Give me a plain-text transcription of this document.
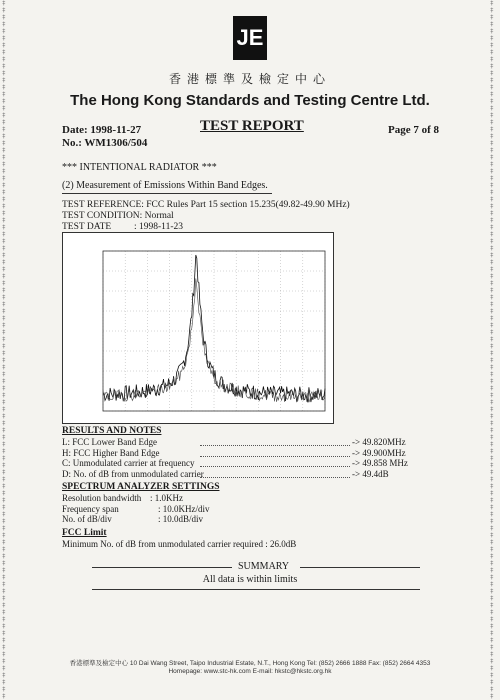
‡
‡
‡
‡
‡
‡
‡
‡
‡
‡
‡
‡
‡
‡
‡
‡
‡
‡
‡
‡
‡
‡
‡
‡
‡
‡
‡
‡
‡
‡
‡
‡
‡
‡
‡
‡
‡
‡
‡
‡
‡
‡
‡
‡
‡
‡
‡
‡
‡
‡
‡
‡
‡
‡
‡
‡
‡
‡
‡
‡
‡
‡
‡
‡
‡
‡
‡
‡
‡
‡
‡
‡
‡
‡
‡
‡
‡
‡
‡
‡
‡
‡
‡
‡
‡
‡
‡
‡
‡
‡
‡
‡
‡
‡
‡
‡
‡
‡
‡
‡
‡
‡
‡
‡
‡
‡
‡
‡
‡
‡
‡
‡
‡
‡
‡
‡
‡
‡
‡
‡
‡
‡
‡
‡
‡
‡
‡
‡
‡
‡
‡
‡
‡
‡
‡
‡
‡
‡
‡
‡
‡
‡
‡
‡
‡
‡
‡
‡
‡
‡
‡
‡
‡
‡
‡
‡
‡
‡
‡
‡
‡
‡
‡
‡
‡
‡
‡
‡
‡
‡
‡
‡
‡
‡
‡
‡
‡
‡
‡
‡
‡
‡
‡
‡
‡
‡
‡
‡
‡
‡
‡
‡
‡
‡
‡
‡
‡
‡
‡
‡
JE
香港標準及檢定中心
The Hong Kong Standards and Testing Centre Ltd.
Date: 1998-11-27
No.: WM1306/504
TEST REPORT	Page 7 of 8
*** INTENTIONAL RADIATOR ***
(2) Measurement of Emissions Within Band Edges.
TEST REFERENCE: FCC Rules Part 15 section 15.235(49.82-49.90 MHz)
TEST CONDITION: Normal
TEST DATE : 1998-11-23
RESULTS AND NOTES
L: FCC Lower Band Edge	-> 49.820MHz
H: FCC Higher Band Edge	-> 49.900MHz
C: Unmodulated carrier at frequency	-> 49.858 MHz
D: No. of dB from unmodulated carrier	-> 49.4dB
SPECTRUM ANALYZER SETTINGS
Resolution bandwidth : 1.0KHz
Frequency span	: 10.0KHz/div
No. of dB/div	: 10.0dB/div
FCC Limit
Minimum No. of dB from unmodulated carrier required : 26.0dB
SUMMARY
All data is within limits
香港標準及檢定中心 10 Dai Wang Street, Taipo Industrial Estate, N.T., Hong Kong Tel: (852) 2666 1888 Fax: (852) 2664 4353
Homepage: www.stc-hk.com E-mail: hkstc@hkstc.org.hk
